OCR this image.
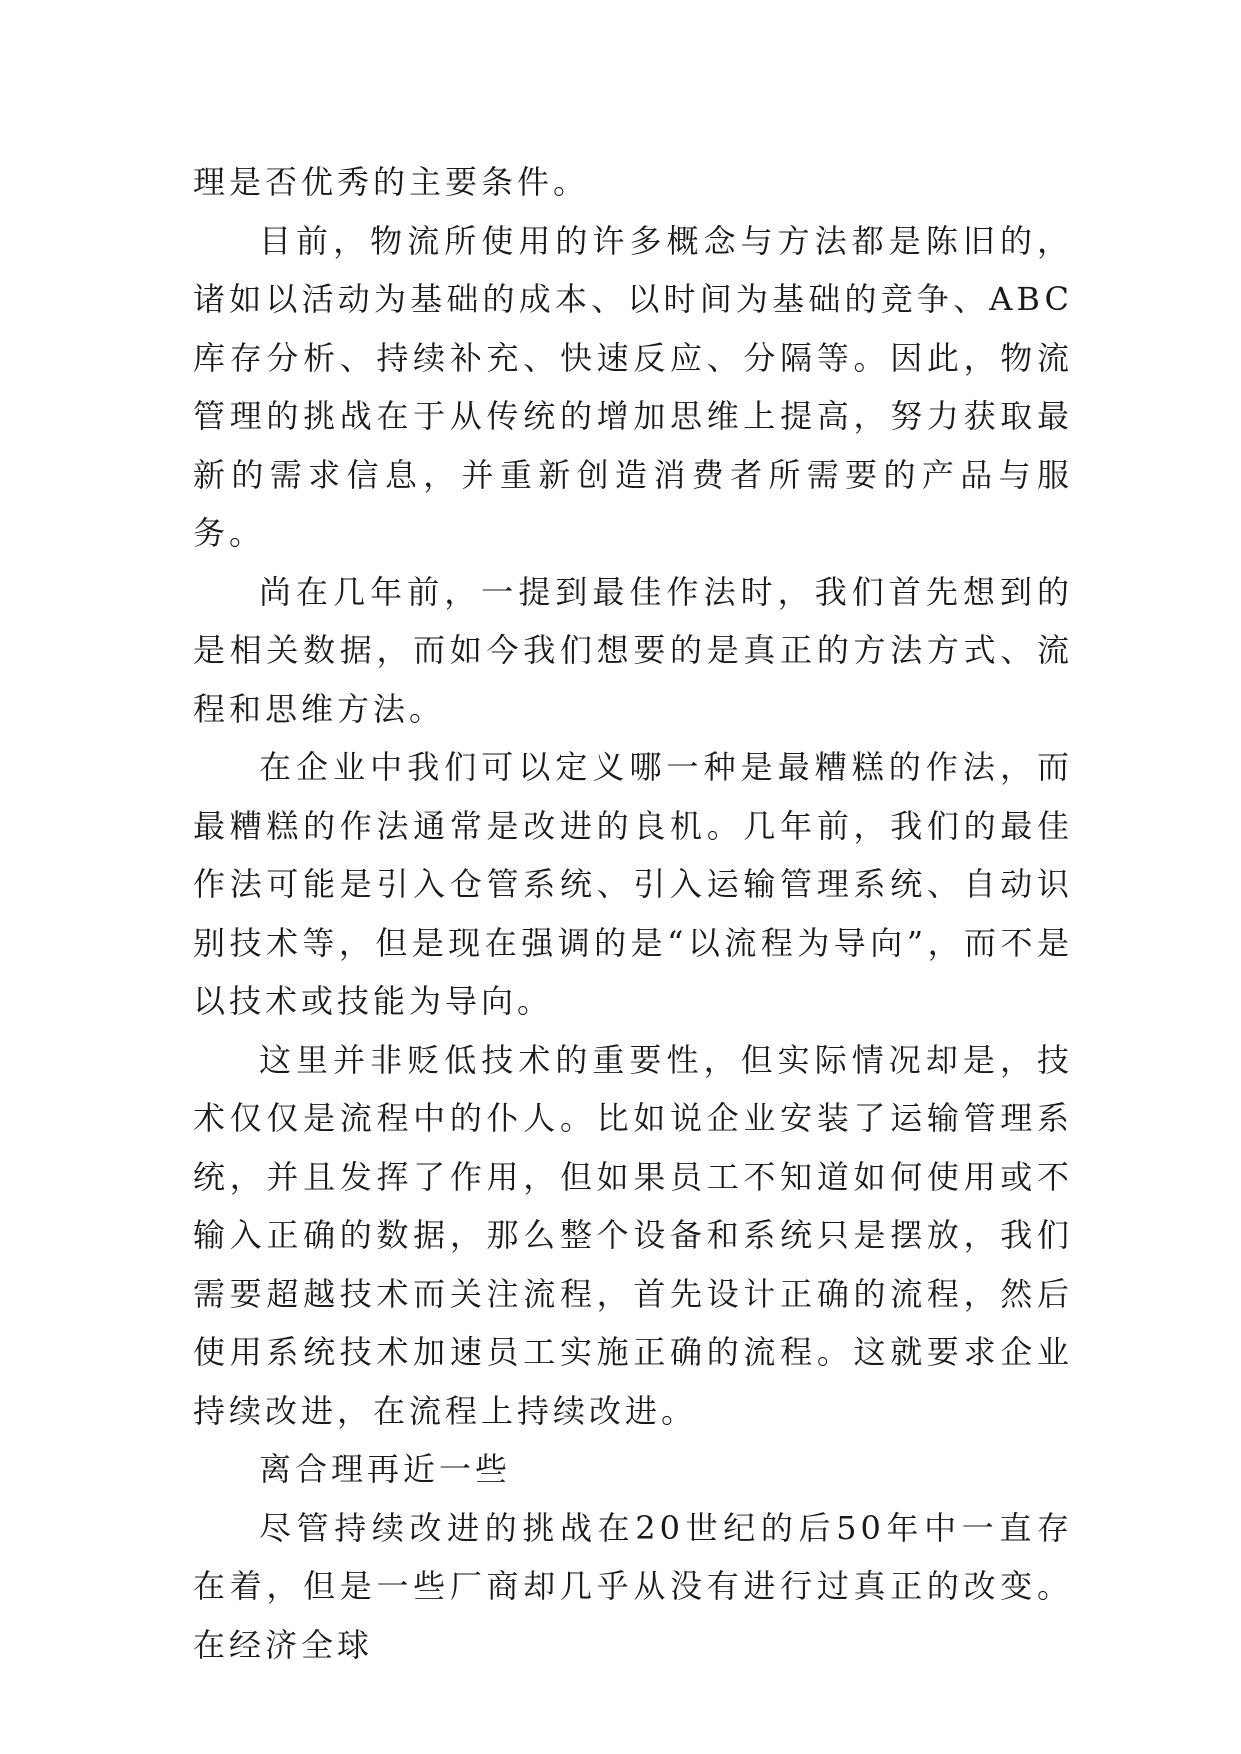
理是否优秀的主要条件。

目前，物流所使用的许多概念与方法都是陈旧的，诸如以活动为基础的成本、以时间为基础的竞争、ABC库存分析、持续补充、快速反应、分隔等。因此，物流管理的挑战在于从传统的增加思维上提高，努力获取最新的需求信息，并重新创造消费者所需要的产品与服务。

尚在几年前，一提到最佳作法时，我们首先想到的是相关数据，而如今我们想要的是真正的方法方式、流程和思维方法。

在企业中我们可以定义哪一种是最糟糕的作法，而最糟糕的作法通常是改进的良机。几年前，我们的最佳作法可能是引入仓管系统、引入运输管理系统、自动识别技术等，但是现在强调的是“以流程为导向”，而不是以技术或技能为导向。

这里并非贬低技术的重要性，但实际情况却是，技术仅仅是流程中的仆人。比如说企业安装了运输管理系统，并且发挥了作用，但如果员工不知道如何使用或不输入正确的数据，那么整个设备和系统只是摆放，我们需要超越技术而关注流程，首先设计正确的流程，然后使用系统技术加速员工实施正确的流程。这就要求企业持续改进，在流程上持续改进。

离合理再近一些

尽管持续改进的挑战在20世纪的后50年中一直存在着，但是一些厂商却几乎从没有进行过真正的改变。在经济全球
